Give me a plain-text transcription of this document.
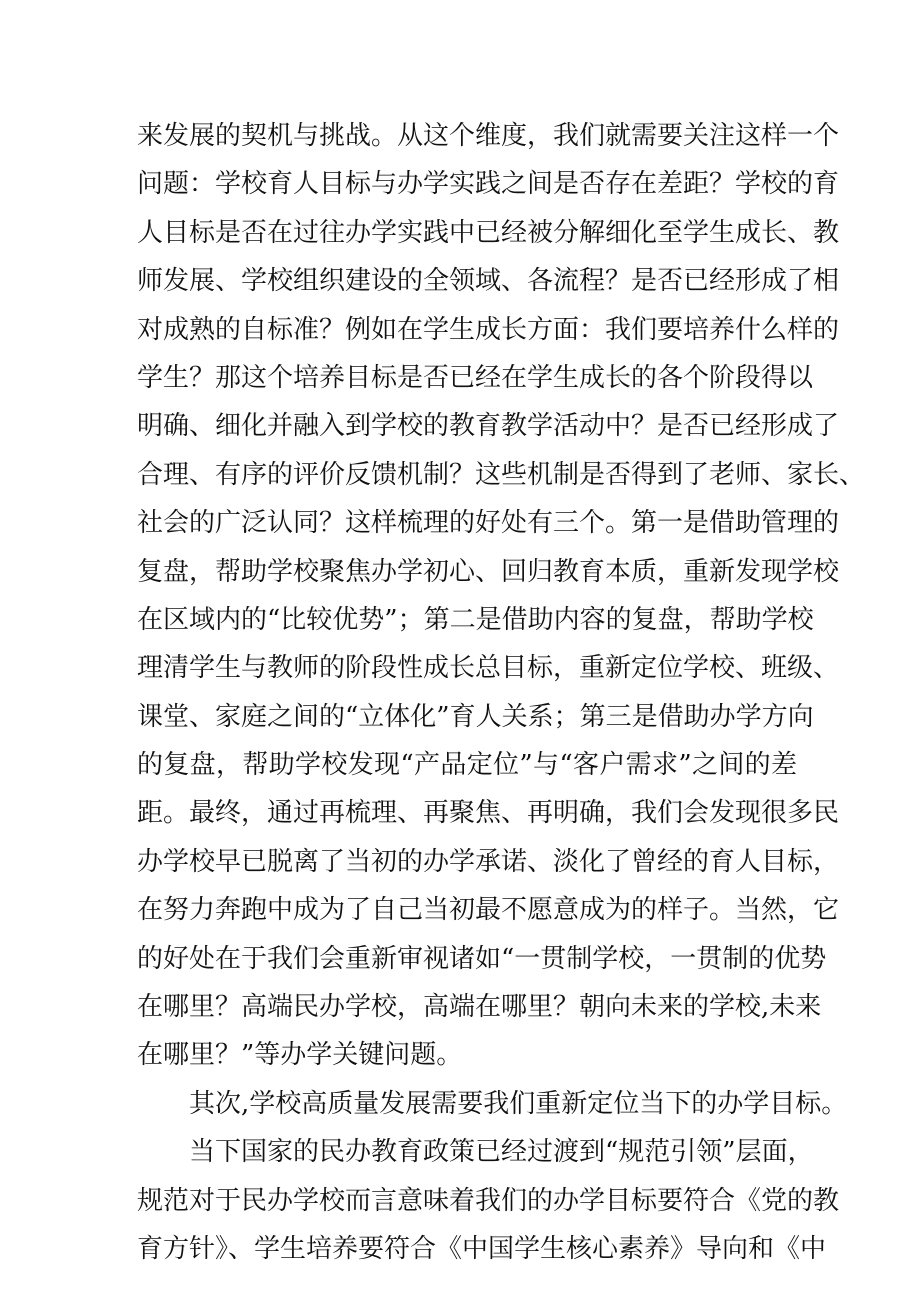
来发展的契机与挑战。从这个维度，我们就需要关注这样一个
问题：学校育人目标与办学实践之间是否存在差距？学校的育
人目标是否在过往办学实践中已经被分解细化至学生成长、教
师发展、学校组织建设的全领域、各流程？是否已经形成了相
对成熟的自标准？例如在学生成长方面：我们要培养什么样的
学生？那这个培养目标是否已经在学生成长的各个阶段得以
明确、细化并融入到学校的教育教学活动中？是否已经形成了
合理、有序的评价反馈机制？这些机制是否得到了老师、家长、
社会的广泛认同？这样梳理的好处有三个。第一是借助管理的
复盘，帮助学校聚焦办学初心、回归教育本质，重新发现学校
在区域内的“比较优势”；第二是借助内容的复盘，帮助学校
理清学生与教师的阶段性成长总目标，重新定位学校、班级、
课堂、家庭之间的“立体化”育人关系；第三是借助办学方向
的复盘，帮助学校发现“产品定位”与“客户需求”之间的差
距。最终，通过再梳理、再聚焦、再明确，我们会发现很多民
办学校早已脱离了当初的办学承诺、淡化了曾经的育人目标，
在努力奔跑中成为了自己当初最不愿意成为的样子。当然，它
的好处在于我们会重新审视诸如“一贯制学校，一贯制的优势
在哪里？高端民办学校，高端在哪里？朝向未来的学校,未来
在哪里？”等办学关键问题。
其次,学校高质量发展需要我们重新定位当下的办学目标。
当下国家的民办教育政策已经过渡到“规范引领”层面，
规范对于民办学校而言意味着我们的办学目标要符合《党的教
育方针》、学生培养要符合《中国学生核心素养》导向和《中
